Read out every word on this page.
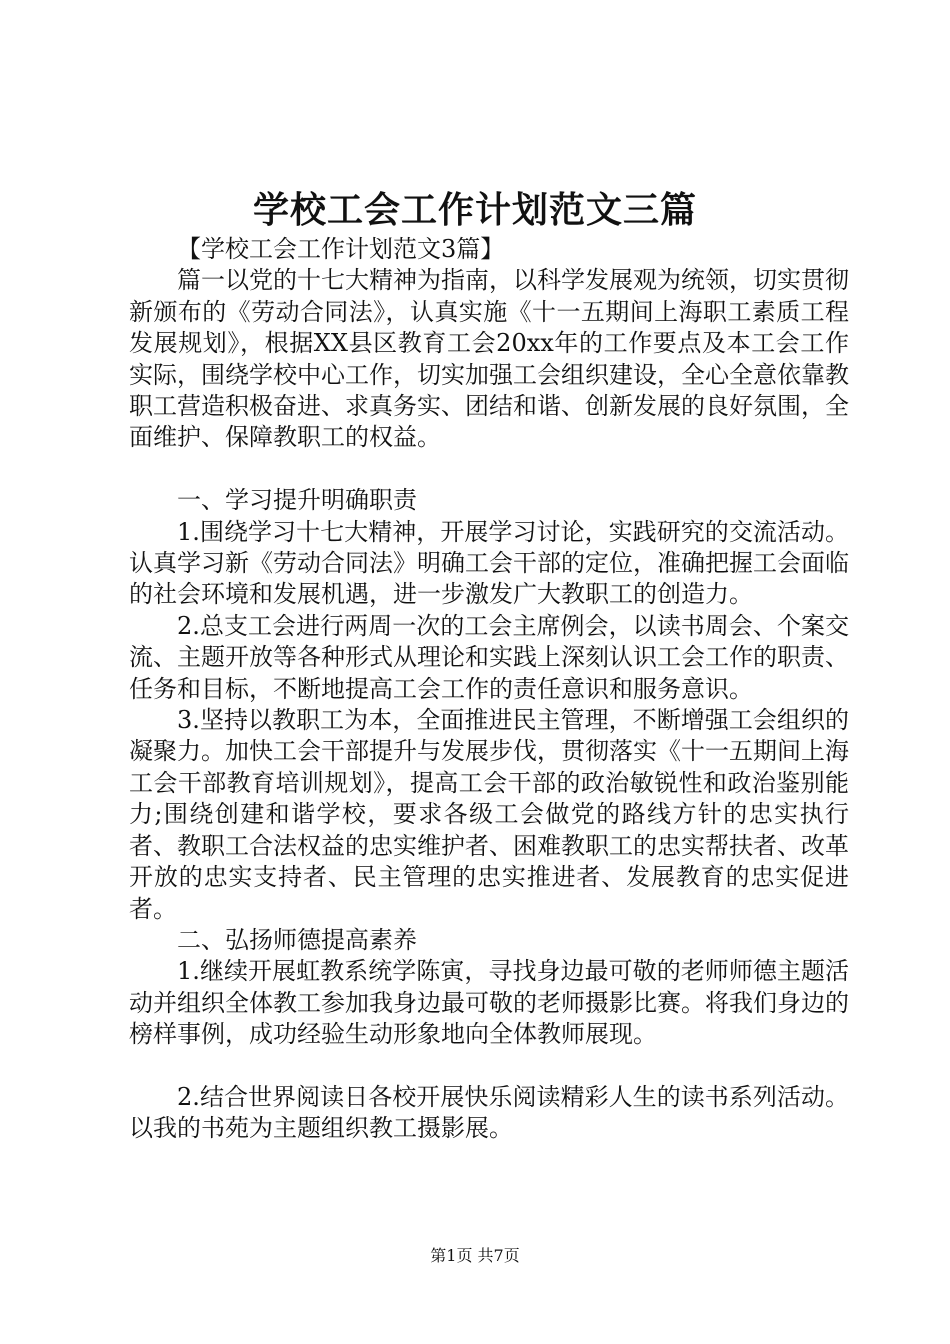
学校工会工作计划范文三篇

【学校工会工作计划范文3篇】

篇一以党的十七大精神为指南，以科学发展观为统领，切实贯彻新颁布的《劳动合同法》，认真实施《十一五期间上海职工素质工程发展规划》，根据XX县区教育工会20xx年的工作要点及本工会工作实际，围绕学校中心工作，切实加强工会组织建设，全心全意依靠教职工营造积极奋进、求真务实、团结和谐、创新发展的良好氛围，全面维护、保障教职工的权益。

一、学习提升明确职责

1.围绕学习十七大精神，开展学习讨论，实践研究的交流活动。认真学习新《劳动合同法》明确工会干部的定位，准确把握工会面临的社会环境和发展机遇，进一步激发广大教职工的创造力。

2.总支工会进行两周一次的工会主席例会，以读书周会、个案交流、主题开放等各种形式从理论和实践上深刻认识工会工作的职责、任务和目标，不断地提高工会工作的责任意识和服务意识。

3.坚持以教职工为本，全面推进民主管理，不断增强工会组织的凝聚力。加快工会干部提升与发展步伐，贯彻落实《十一五期间上海工会干部教育培训规划》，提高工会干部的政治敏锐性和政治鉴别能力;围绕创建和谐学校，要求各级工会做党的路线方针的忠实执行者、教职工合法权益的忠实维护者、困难教职工的忠实帮扶者、改革开放的忠实支持者、民主管理的忠实推进者、发展教育的忠实促进者。

二、弘扬师德提高素养

1.继续开展虹教系统学陈寅，寻找身边最可敬的老师师德主题活动并组织全体教工参加我身边最可敬的老师摄影比赛。将我们身边的榜样事例，成功经验生动形象地向全体教师展现。

2.结合世界阅读日各校开展快乐阅读精彩人生的读书系列活动。以我的书苑为主题组织教工摄影展。

第1页 共7页
